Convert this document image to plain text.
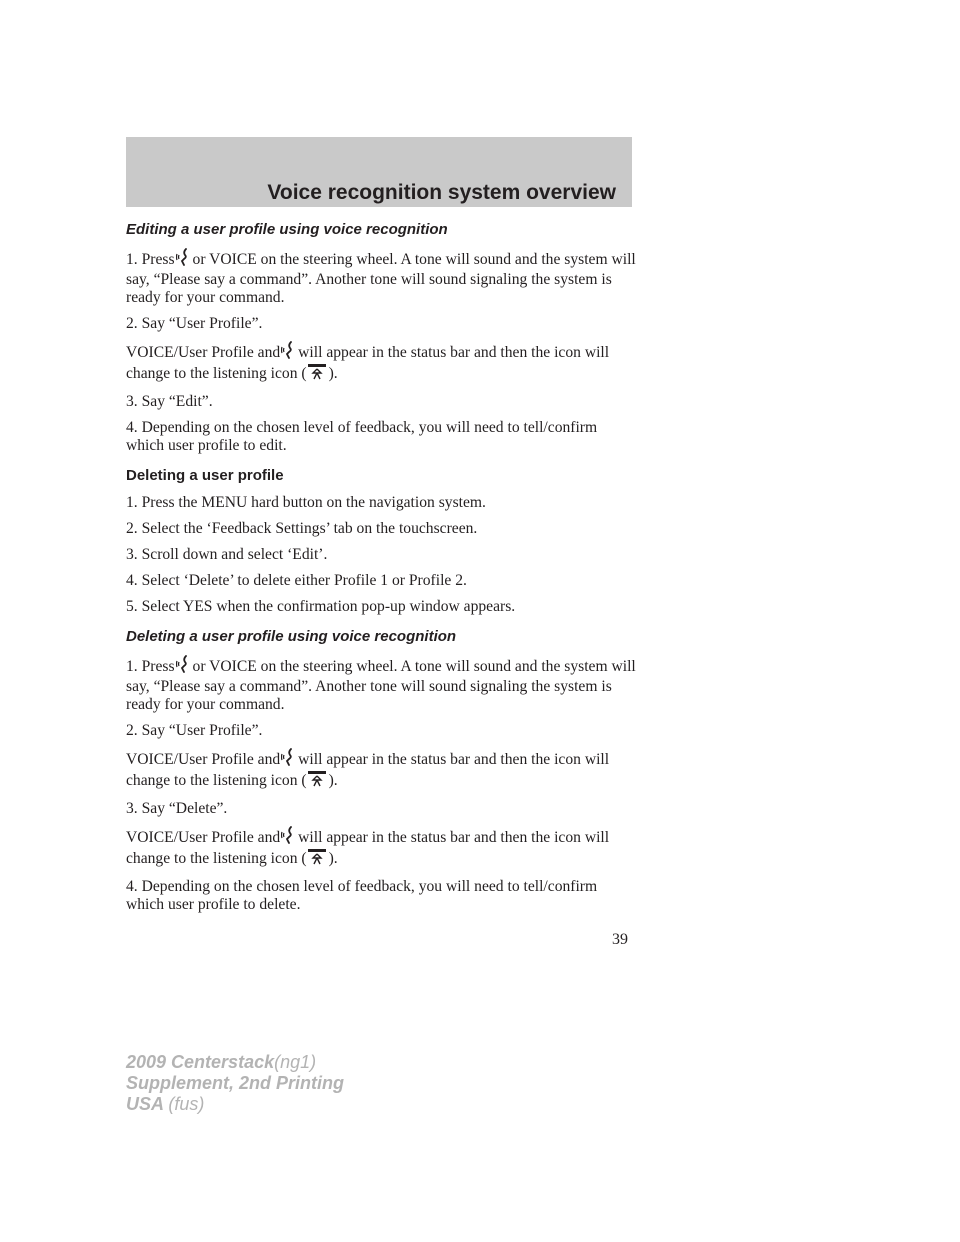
Voice recognition system overview
Editing a user profile using voice recognition

1. Press or VOICE on the steering wheel. A tone will sound and the system will say, “Please say a command”. Another tone will sound signaling the system is ready for your command.

2. Say “User Profile”.

VOICE/User Profile and will appear in the status bar and then the icon will change to the listening icon ( ).

3. Say “Edit”.

4. Depending on the chosen level of feedback, you will need to tell/confirm which user profile to edit.

Deleting a user profile

1. Press the MENU hard button on the navigation system.

2. Select the ‘Feedback Settings’ tab on the touchscreen.

3. Scroll down and select ‘Edit’.

4. Select ‘Delete’ to delete either Profile 1 or Profile 2.

5. Select YES when the confirmation pop-up window appears.

Deleting a user profile using voice recognition

1. Press or VOICE on the steering wheel. A tone will sound and the system will say, “Please say a command”. Another tone will sound signaling the system is ready for your command.

2. Say “User Profile”.

VOICE/User Profile and will appear in the status bar and then the icon will change to the listening icon ( ).

3. Say “Delete”.

VOICE/User Profile and will appear in the status bar and then the icon will change to the listening icon ( ).

4. Depending on the chosen level of feedback, you will need to tell/confirm which user profile to delete.

39
2009 Centerstack(ng1)
Supplement, 2nd Printing
USA (fus)
